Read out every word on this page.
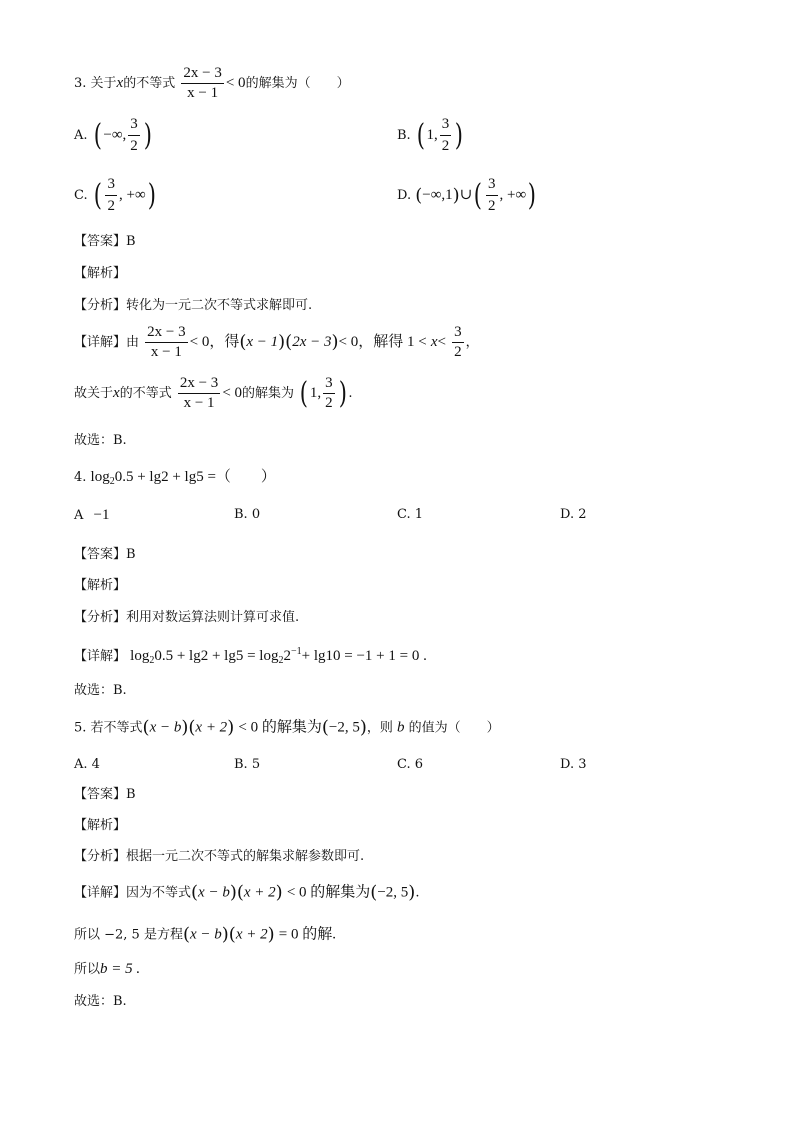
3. 关于x的不等式 $\frac{2x - 3}{x - 1} < 0$的解集为（　　）
A. ( −∞, $\frac{3}{2}$ )	B. ( 1, $\frac{3}{2}$ )
C. ( $\frac{3}{2}$ , +∞)	D. (−∞,1)∪( $\frac{3}{2}$ , +∞)
【答案】B
【解析】
【分析】转化为一元二次不等式求解即可.
【详解】由 $\frac{2x - 3}{x - 1} < 0$，得(x − 1)(2x − 3)< 0，解得 $1 < x< \frac{3}{2}$ ，
故关于x的不等式 $\frac{2x - 3}{x - 1} < 0$的解集为 ( 1, $\frac{3}{2}$ ) .
故选：B.
4. $\log_20.5 + \lg 2 + \lg 5$ =（　　）
A −1	B. 0	C. 1	D. 2
【答案】B
【解析】
【分析】利用对数运算法则计算可求值.
【详解】 $\log_20.5 + \lg 2 + \lg 5 = \log_22^{-1}+ \lg 10 = -1 + 1 = 0$ .
故选：B.
5. 若不等式(x − b)(x + 2) < 0 的解集为(−2, 5)，则 b 的值为（　　）
A. 4	B. 5	C. 6	D. 3
【答案】B
【解析】
【分析】根据一元二次不等式的解集求解参数即可.
【详解】因为不等式(x − b)(x + 2) < 0 的解集为(−2, 5).
所以 −2, 5 是方程(x − b)(x + 2) = 0 的解.
所以b = 5 .
故选：B.
